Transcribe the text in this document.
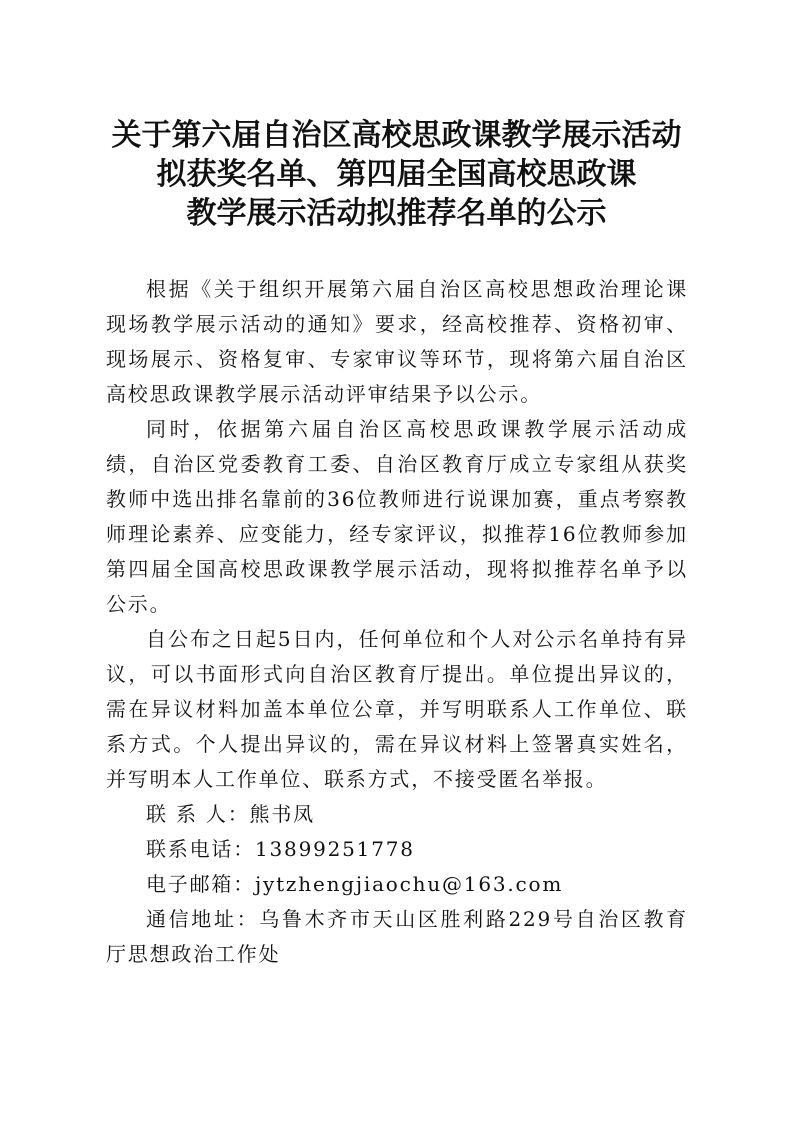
关于第六届自治区高校思政课教学展示活动
拟获奖名单、第四届全国高校思政课
教学展示活动拟推荐名单的公示

根据《关于组织开展第六届自治区高校思想政治理论课现场教学展示活动的通知》要求，经高校推荐、资格初审、现场展示、资格复审、专家审议等环节，现将第六届自治区高校思政课教学展示活动评审结果予以公示。

同时，依据第六届自治区高校思政课教学展示活动成绩，自治区党委教育工委、自治区教育厅成立专家组从获奖教师中选出排名靠前的36位教师进行说课加赛，重点考察教师理论素养、应变能力，经专家评议，拟推荐16位教师参加第四届全国高校思政课教学展示活动，现将拟推荐名单予以公示。

自公布之日起5日内，任何单位和个人对公示名单持有异议，可以书面形式向自治区教育厅提出。单位提出异议的，需在异议材料加盖本单位公章，并写明联系人工作单位、联系方式。个人提出异议的，需在异议材料上签署真实姓名，并写明本人工作单位、联系方式，不接受匿名举报。

联 系 人：熊书凤

联系电话：13899251778

电子邮箱：jytzhengjiaochu@163.com

通信地址：乌鲁木齐市天山区胜利路229号自治区教育厅思想政治工作处
